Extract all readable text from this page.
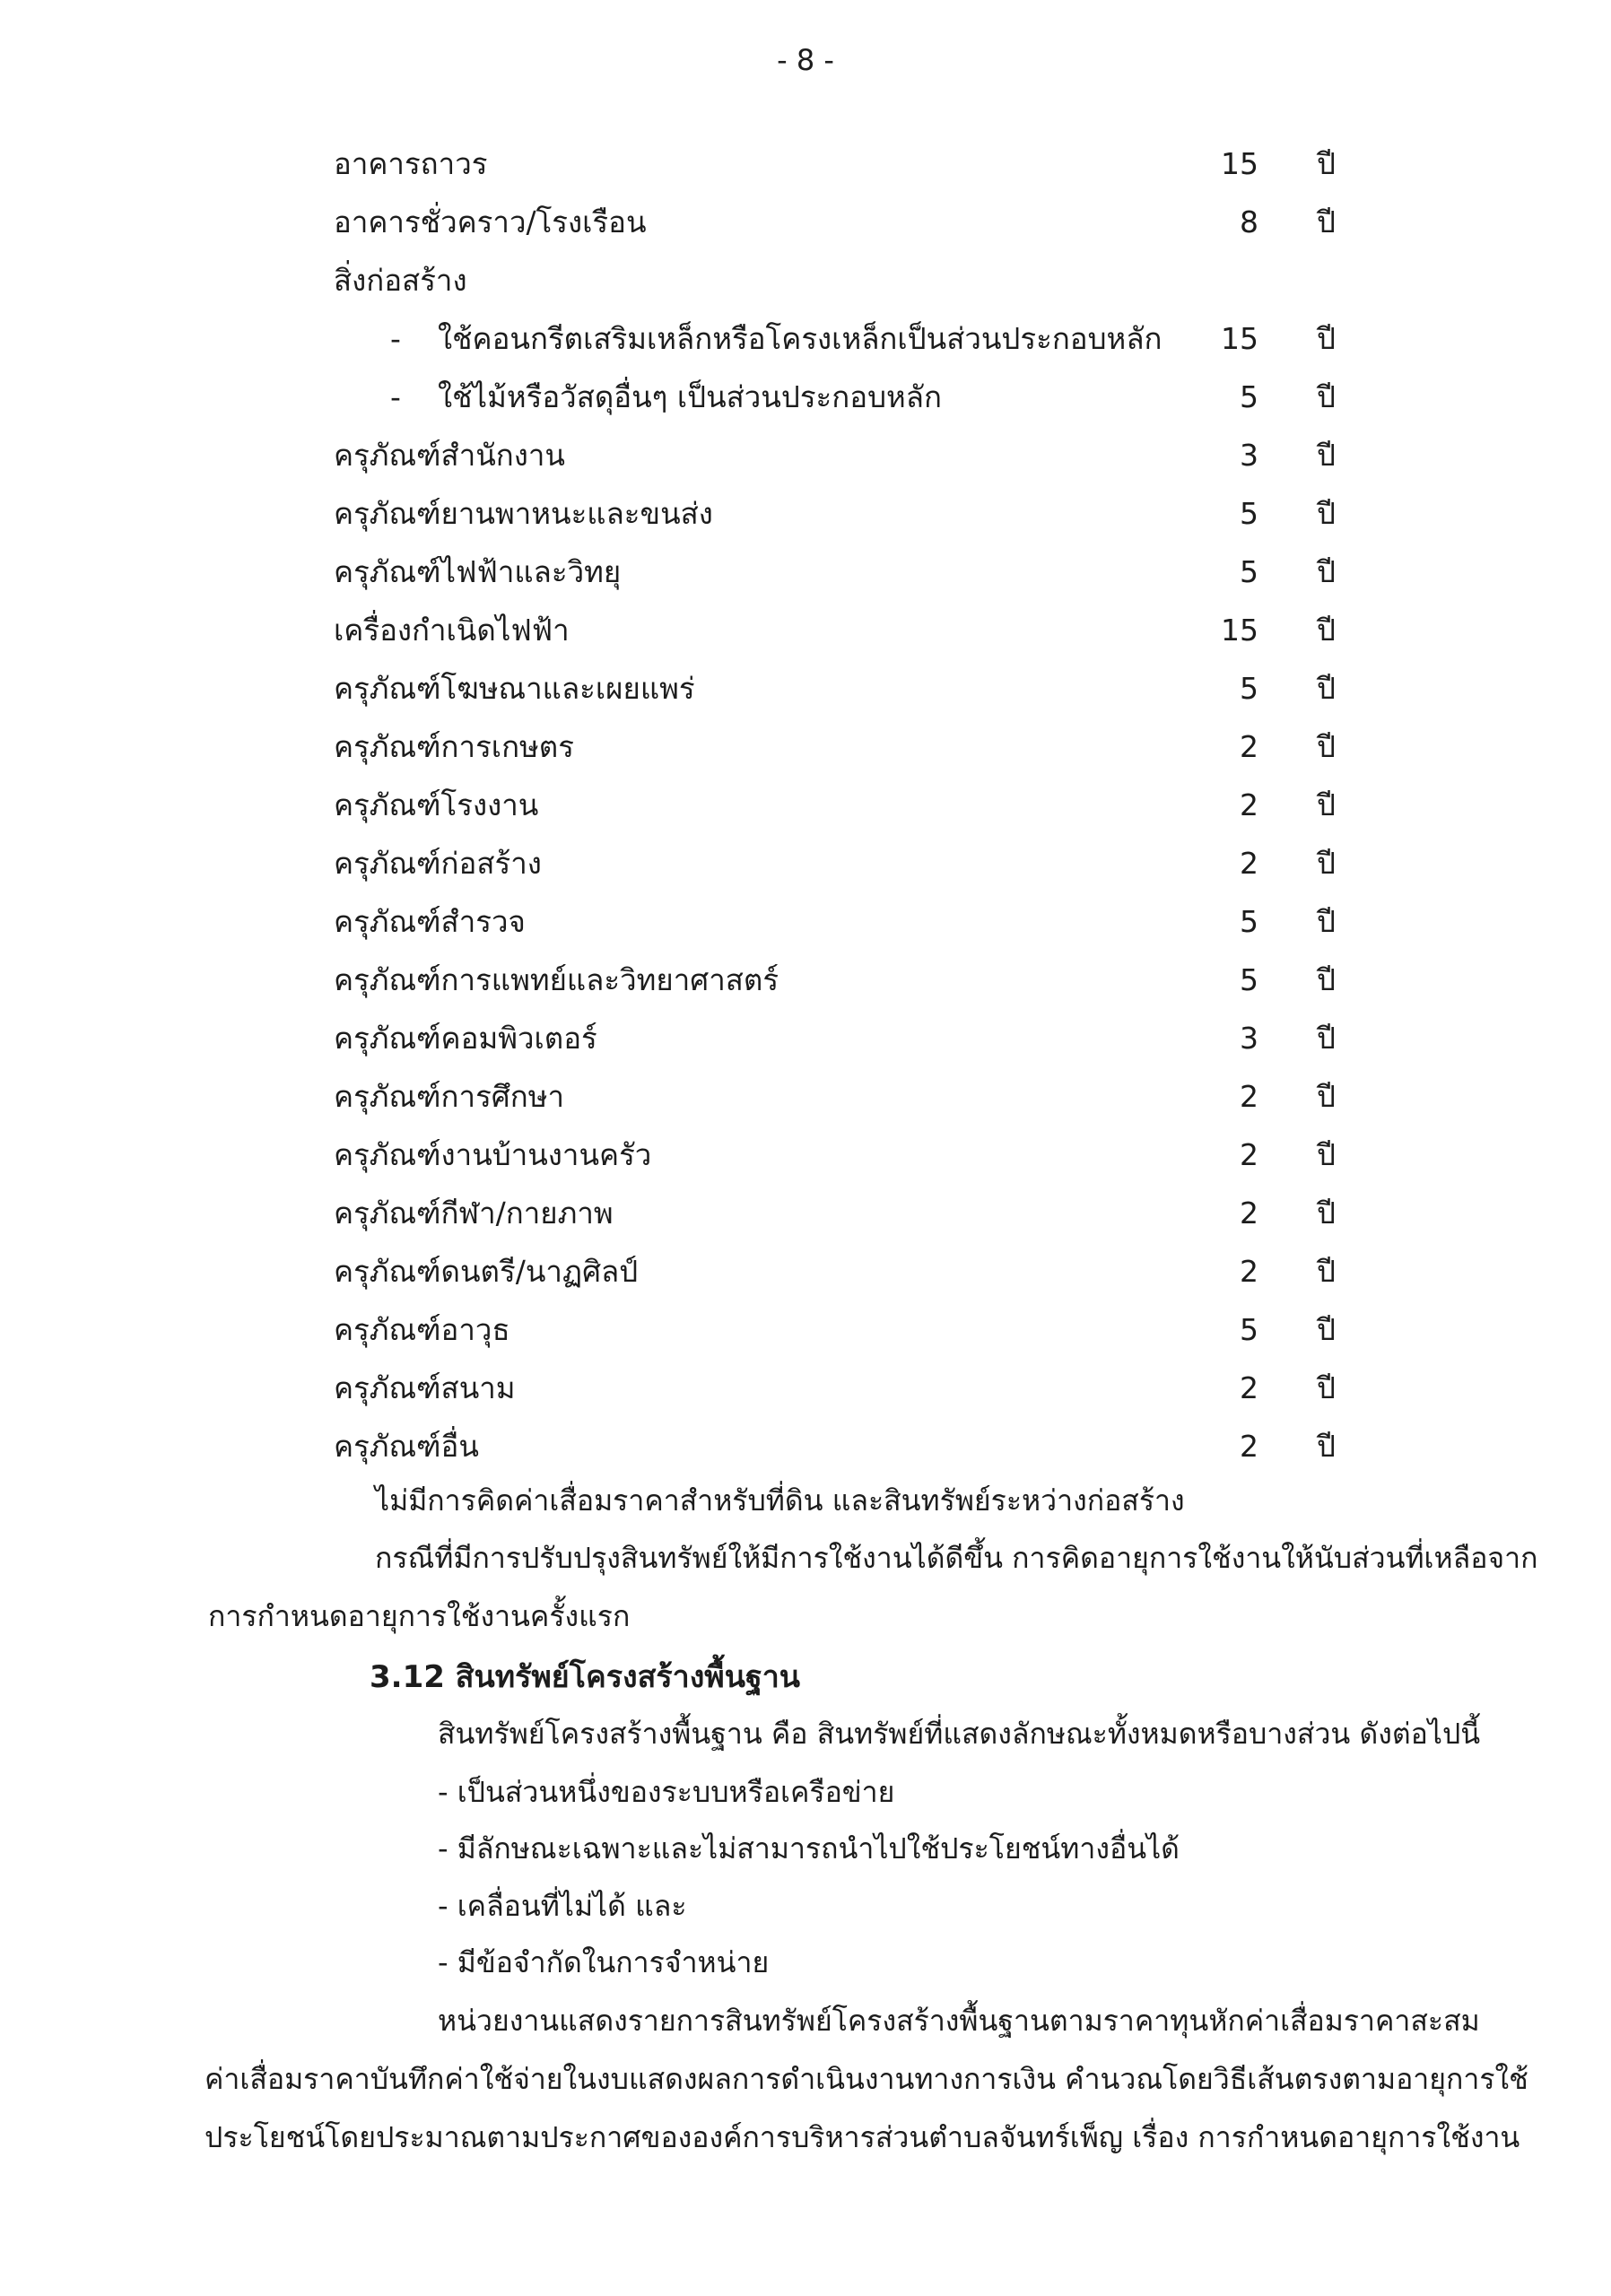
- 8 -
อาคารถาวร	15 ปี
อาคารชั่วคราว/โรงเรือน	8 ปี
สิ่งก่อสร้าง
- ใช้คอนกรีตเสริมเหล็กหรือโครงเหล็กเป็นส่วนประกอบหลัก	15 ปี
- ใช้ไม้หรือวัสดุอื่นๆ เป็นส่วนประกอบหลัก	5 ปี
ครุภัณฑ์สำนักงาน	3 ปี
ครุภัณฑ์ยานพาหนะและขนส่ง	5 ปี
ครุภัณฑ์ไฟฟ้าและวิทยุ	5 ปี
เครื่องกำเนิดไฟฟ้า	15 ปี
ครุภัณฑ์โฆษณาและเผยแพร่	5 ปี
ครุภัณฑ์การเกษตร	2 ปี
ครุภัณฑ์โรงงาน	2 ปี
ครุภัณฑ์ก่อสร้าง	2 ปี
ครุภัณฑ์สำรวจ	5 ปี
ครุภัณฑ์การแพทย์และวิทยาศาสตร์	5 ปี
ครุภัณฑ์คอมพิวเตอร์	3 ปี
ครุภัณฑ์การศึกษา	2 ปี
ครุภัณฑ์งานบ้านงานครัว	2 ปี
ครุภัณฑ์กีฬา/กายภาพ	2 ปี
ครุภัณฑ์ดนตรี/นาฏศิลป์	2 ปี
ครุภัณฑ์อาวุธ	5 ปี
ครุภัณฑ์สนาม	2 ปี
ครุภัณฑ์อื่น	2 ปี
ไม่มีการคิดค่าเสื่อมราคาสำหรับที่ดิน และสินทรัพย์ระหว่างก่อสร้าง
กรณีที่มีการปรับปรุงสินทรัพย์ให้มีการใช้งานได้ดีขึ้น การคิดอายุการใช้งานให้นับส่วนที่เหลือจาก
การกำหนดอายุการใช้งานครั้งแรก
3.12 สินทรัพย์โครงสร้างพื้นฐาน
สินทรัพย์โครงสร้างพื้นฐาน คือ สินทรัพย์ที่แสดงลักษณะทั้งหมดหรือบางส่วน ดังต่อไปนี้
- เป็นส่วนหนึ่งของระบบหรือเครือข่าย
- มีลักษณะเฉพาะและไม่สามารถนำไปใช้ประโยชน์ทางอื่นได้
- เคลื่อนที่ไม่ได้ และ
- มีข้อจำกัดในการจำหน่าย
หน่วยงานแสดงรายการสินทรัพย์โครงสร้างพื้นฐานตามราคาทุนหักค่าเสื่อมราคาสะสม
ค่าเสื่อมราคาบันทึกค่าใช้จ่ายในงบแสดงผลการดำเนินงานทางการเงิน คำนวณโดยวิธีเส้นตรงตามอายุการใช้
ประโยชน์โดยประมาณตามประกาศขององค์การบริหารส่วนตำบลจันทร์เพ็ญ เรื่อง การกำหนดอายุการใช้งาน
